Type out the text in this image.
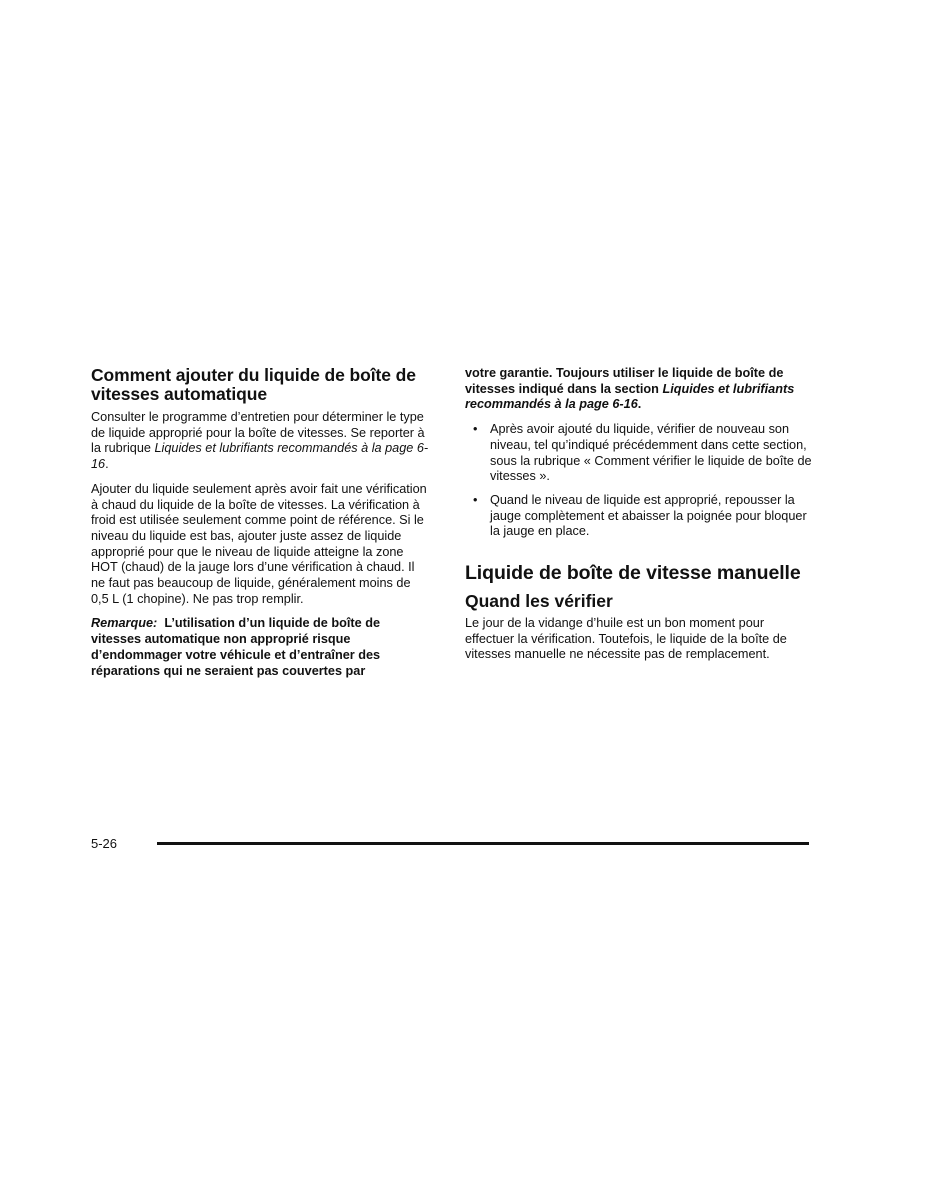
Comment ajouter du liquide de boîte de vitesses automatique

Consulter le programme d’entretien pour déterminer le type de liquide approprié pour la boîte de vitesses. Se reporter à la rubrique Liquides et lubrifiants recommandés à la page 6-16.

Ajouter du liquide seulement après avoir fait une vérification à chaud du liquide de la boîte de vitesses. La vérification à froid est utilisée seulement comme point de référence. Si le niveau du liquide est bas, ajouter juste assez de liquide approprié pour que le niveau de liquide atteigne la zone HOT (chaud) de la jauge lors d’une vérification à chaud. Il ne faut pas beaucoup de liquide, généralement moins de 0,5 L (1 chopine). Ne pas trop remplir.

Remarque: L’utilisation d’un liquide de boîte de vitesses automatique non approprié risque d’endommager votre véhicule et d’entraîner des réparations qui ne seraient pas couvertes par

votre garantie. Toujours utiliser le liquide de boîte de vitesses indiqué dans la section Liquides et lubrifiants recommandés à la page 6-16.

• Après avoir ajouté du liquide, vérifier de nouveau son niveau, tel qu’indiqué précédemment dans cette section, sous la rubrique « Comment vérifier le liquide de boîte de vitesses ».
• Quand le niveau de liquide est approprié, repousser la jauge complètement et abaisser la poignée pour bloquer la jauge en place.
Liquide de boîte de vitesse manuelle
Quand les vérifier

Le jour de la vidange d’huile est un bon moment pour effectuer la vérification. Toutefois, le liquide de la boîte de vitesses manuelle ne nécessite pas de remplacement.

5-26
